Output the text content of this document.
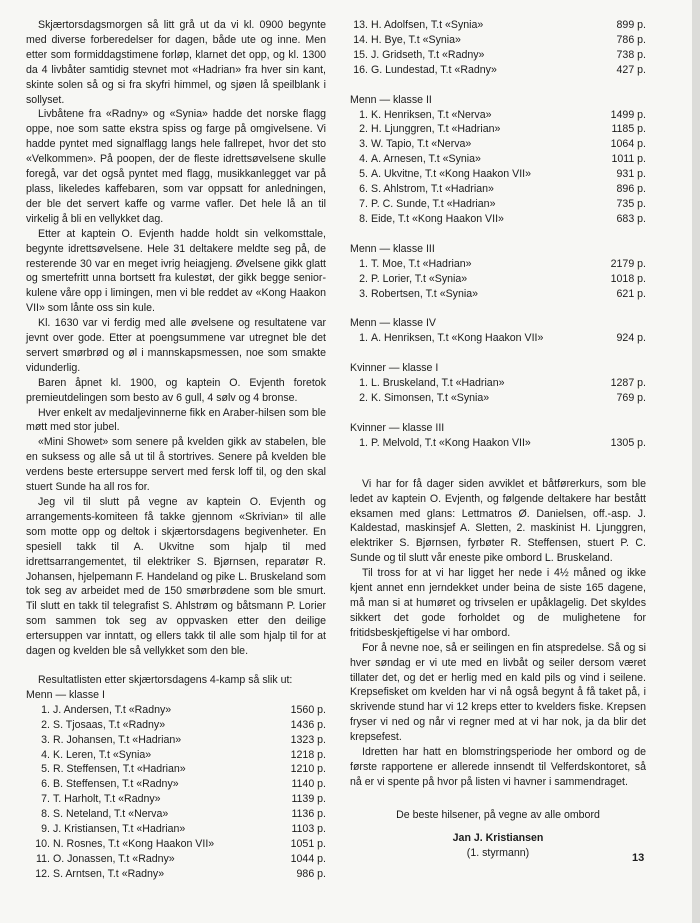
Skjærtorsdagsmorgen så litt grå ut da vi kl. 0900 begynte med diverse forberedelser for dagen, både ute og inne. Men etter som formiddagstimene forløp, klarnet det opp, og kl. 1300 da 4 livbåter samtidig stevnet mot «Hadrian» fra hver sin kant, skinte solen så og si fra skyfri himmel, og sjøen lå speilblank i sollyset.

Livbåtene fra «Radny» og «Synia» hadde det norske flagg oppe, noe som satte ekstra spiss og farge på omgivelsene. Vi hadde pyntet med signalflagg langs hele fallrepet, hvor det sto «Velkommen». På poopen, der de fleste idrettsøvelsene skulle foregå, var det også pyntet med flagg, musikkanlegget var på plass, likeledes kaffebaren, som var oppsatt for anledningen, der ble det servert kaffe og varme vafler. Det hele lå an til virkelig å bli en vellykket dag.

Etter at kaptein O. Evjenth hadde holdt sin velkomsttale, begynte idrettsøvelsene. Hele 31 deltakere meldte seg på, de resterende 30 var en meget ivrig heiagjeng. Øvelsene gikk glatt og smertefritt unna bortsett fra kulestøt, der gikk begge senior-kulene våre opp i limingen, men vi ble reddet av «Kong Haakon VII» som lånte oss sin kule.

Kl. 1630 var vi ferdig med alle øvelsene og resultatene var jevnt over gode. Etter at poengsummene var utregnet ble det servert smørbrød og øl i mannskapsmessen, noe som smakte vidunderlig.

Baren åpnet kl. 1900, og kaptein O. Evjenth foretok premieutdelingen som besto av 6 gull, 4 sølv og 4 bronse.

Hver enkelt av medaljevinnerne fikk en Araber-hilsen som ble møtt med stor jubel.

«Mini Showet» som senere på kvelden gikk av stabelen, ble en suksess og alle så ut til å stortrives. Senere på kvelden ble verdens beste ertersuppe servert med fersk loff til, og den skal stuert Sunde ha all ros for.

Jeg vil til slutt på vegne av kaptein O. Evjenth og arrangements-komiteen få takke gjennom «Skrivian» til alle som motte opp og deltok i skjærtorsdagens begivenheter. En spesiell takk til A. Ukvitne som hjalp til med idrettsarrangementet, til elektriker S. Bjørnsen, reparatør R. Johansen, hjelpemann F. Handeland og pike L. Bruskeland som tok seg av arbeidet med de 150 smørbrødene som ble smurt. Til slutt en takk til telegrafist S. Ahlstrøm og båtsmann P. Lorier som sammen tok seg av oppvasken etter den deilige ertersuppen var inntatt, og ellers takk til alle som hjalp til for at dagen og kvelden ble så vellykket som den ble.

Resultatlisten etter skjærtorsdagens 4-kamp så slik ut:

Menn — klasse I
1. J. Andersen, T.t «Radny»	1560 p.
2. S. Tjosaas, T.t «Radny»	1436 p.
3. R. Johansen, T.t «Hadrian»	1323 p.
4. K. Leren, T.t «Synia»	1218 p.
5. R. Steffensen, T.t «Hadrian»	1210 p.
6. B. Steffensen, T.t «Radny»	1140 p.
7. T. Harholt, T.t «Radny»	1139 p.
8. S. Neteland, T.t «Nerva»	1136 p.
9. J. Kristiansen, T.t «Hadrian»	1103 p.
10. N. Rosnes, T.t «Kong Haakon VII»	1051 p.
11. O. Jonassen, T.t «Radny»	1044 p.
12. S. Arntsen, T.t «Radny»	986 p.
13. H. Adolfsen, T.t «Synia»	899 p.
14. H. Bye, T.t «Synia»	786 p.
15. J. Gridseth, T.t «Radny»	738 p.
16. G. Lundestad, T.t «Radny»	427 p.
Menn — klasse II
1. K. Henriksen, T.t «Nerva»	1499 p.
2. H. Ljunggren, T.t «Hadrian»	1185 p.
3. W. Tapio, T.t «Nerva»	1064 p.
4. A. Arnesen, T.t «Synia»	1011 p.
5. A. Ukvitne, T.t «Kong Haakon VII»	931 p.
6. S. Ahlstrom, T.t «Hadrian»	896 p.
7. P. C. Sunde, T.t «Hadrian»	735 p.
8. Eide, T.t «Kong Haakon VII»	683 p.
Menn — klasse III
1. T. Moe, T.t «Hadrian»	2179 p.
2. P. Lorier, T.t «Synia»	1018 p.
3. Robertsen, T.t «Synia»	621 p.
Menn — klasse IV
1. A. Henriksen, T.t «Kong Haakon VII»	924 p.
Kvinner — klasse I
1. L. Bruskeland, T.t «Hadrian»	1287 p.
2. K. Simonsen, T.t «Synia»	769 p.
Kvinner — klasse III
1. P. Melvold, T.t «Kong Haakon VII»	1305 p.

Vi har for få dager siden avviklet et båtførerkurs, som ble ledet av kaptein O. Evjenth, og følgende deltakere har bestått eksamen med glans: Lettmatros Ø. Danielsen, off.-asp. J. Kaldestad, maskinsjef A. Sletten, 2. maskinist H. Ljunggren, elektriker S. Bjørnsen, fyrbøter R. Steffensen, stuert P. C. Sunde og til slutt vår eneste pike ombord L. Bruskeland.

Til tross for at vi har ligget her nede i 4½ måned og ikke kjent annet enn jerndekket under beina de siste 165 dagene, må man si at humøret og trivselen er upåklagelig. Det skyldes sikkert det gode forholdet og de mulighetene for fritidsbeskjeftigelse vi har ombord.

For å nevne noe, så er seilingen en fin atspredelse. Så og si hver søndag er vi ute med en livbåt og seiler dersom været tillater det, og det er herlig med en kald pils og vind i seilene. Krepsefisket om kvelden har vi nå også begynt å få taket på, i skrivende stund har vi 12 kreps etter to kvelders fiske. Krepsen fryser vi ned og når vi regner med at vi har nok, ja da blir det krepsefest.

Idretten har hatt en blomstringsperiode her ombord og de første rapportene er allerede innsendt til Velferdskontoret, så nå er vi spente på hvor på listen vi havner i sammendraget.

De beste hilsener, på vegne av alle ombord
Jan J. Kristiansen
(1. styrmann)	13
